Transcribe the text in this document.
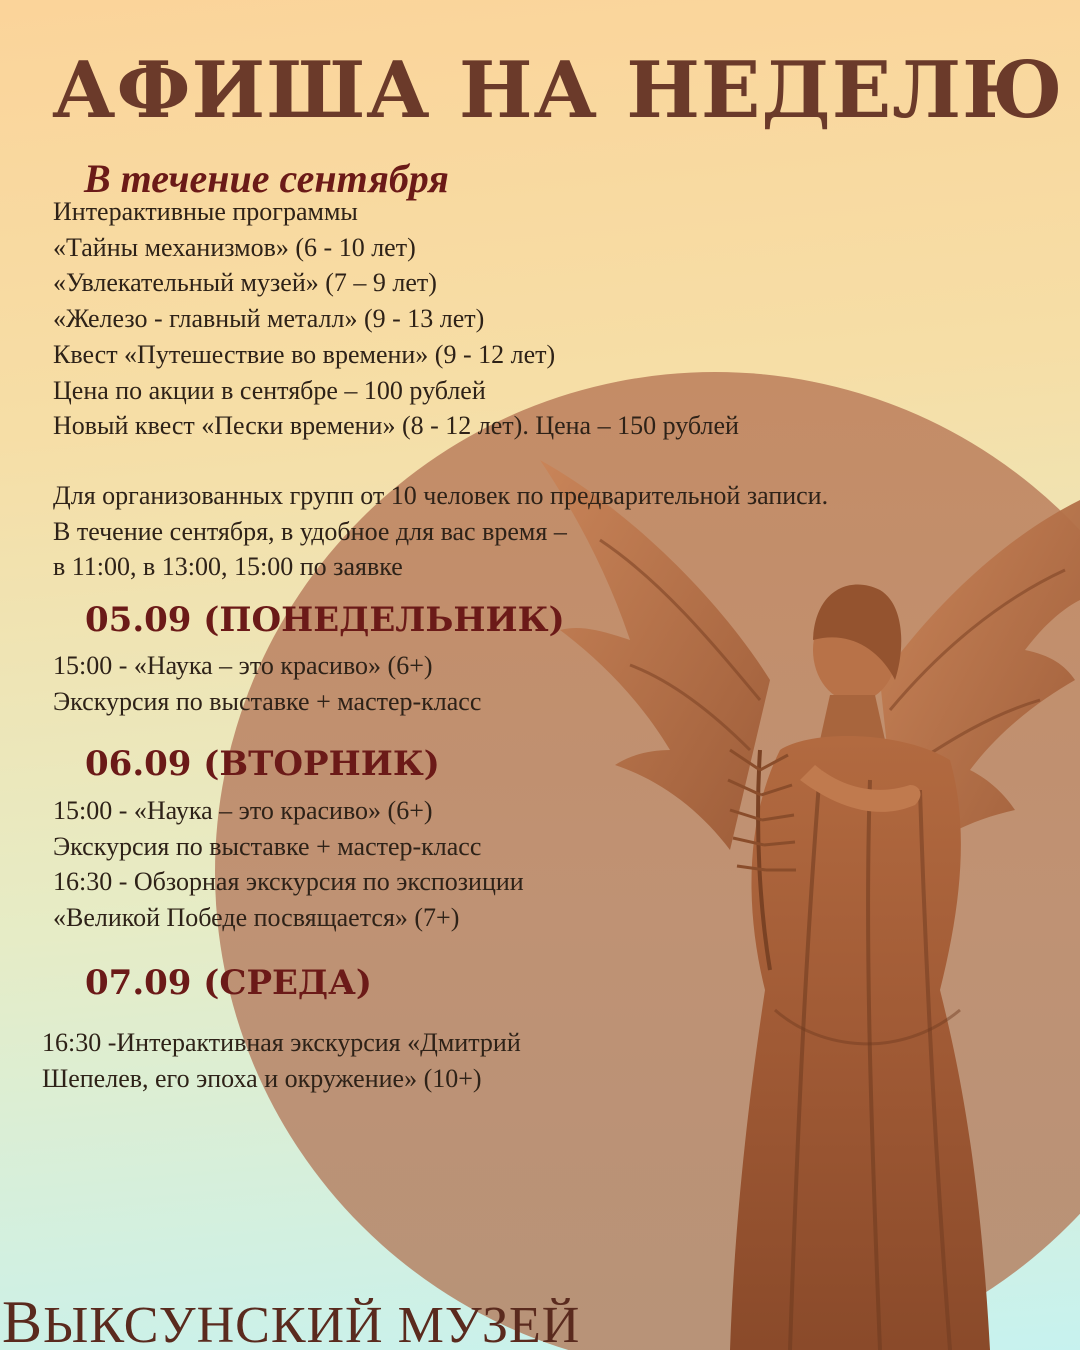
АФИША НА НЕДЕЛЮ
В течение сентября
Интерактивные программы
«Тайны механизмов» (6 - 10 лет)
«Увлекательный музей» (7 – 9 лет)
«Железо - главный металл» (9 - 13 лет)
Квест «Путешествие во времени» (9 - 12 лет)
Цена по акции в сентябре – 100 рублей
Новый квест «Пески времени» (8 - 12 лет). Цена – 150 рублей
Для организованных групп от 10 человек по предварительной записи.
В течение сентября, в удобное для вас время –
в 11:00, в 13:00, 15:00 по заявке
05.09 (ПОНЕДЕЛЬНИК)
15:00 - «Наука – это красиво» (6+)
Экскурсия по выставке + мастер-класс
06.09 (ВТОРНИК)
15:00 - «Наука – это красиво» (6+)
Экскурсия по выставке + мастер-класс
16:30 - Обзорная экскурсия по экспозиции
«Великой Победе посвящается» (7+)
07.09 (СРЕДА)
16:30 -Интерактивная экскурсия «Дмитрий
Шепелев, его эпоха и окружение» (10+)
ВЫКСУНСКИЙ МУЗЕЙ
